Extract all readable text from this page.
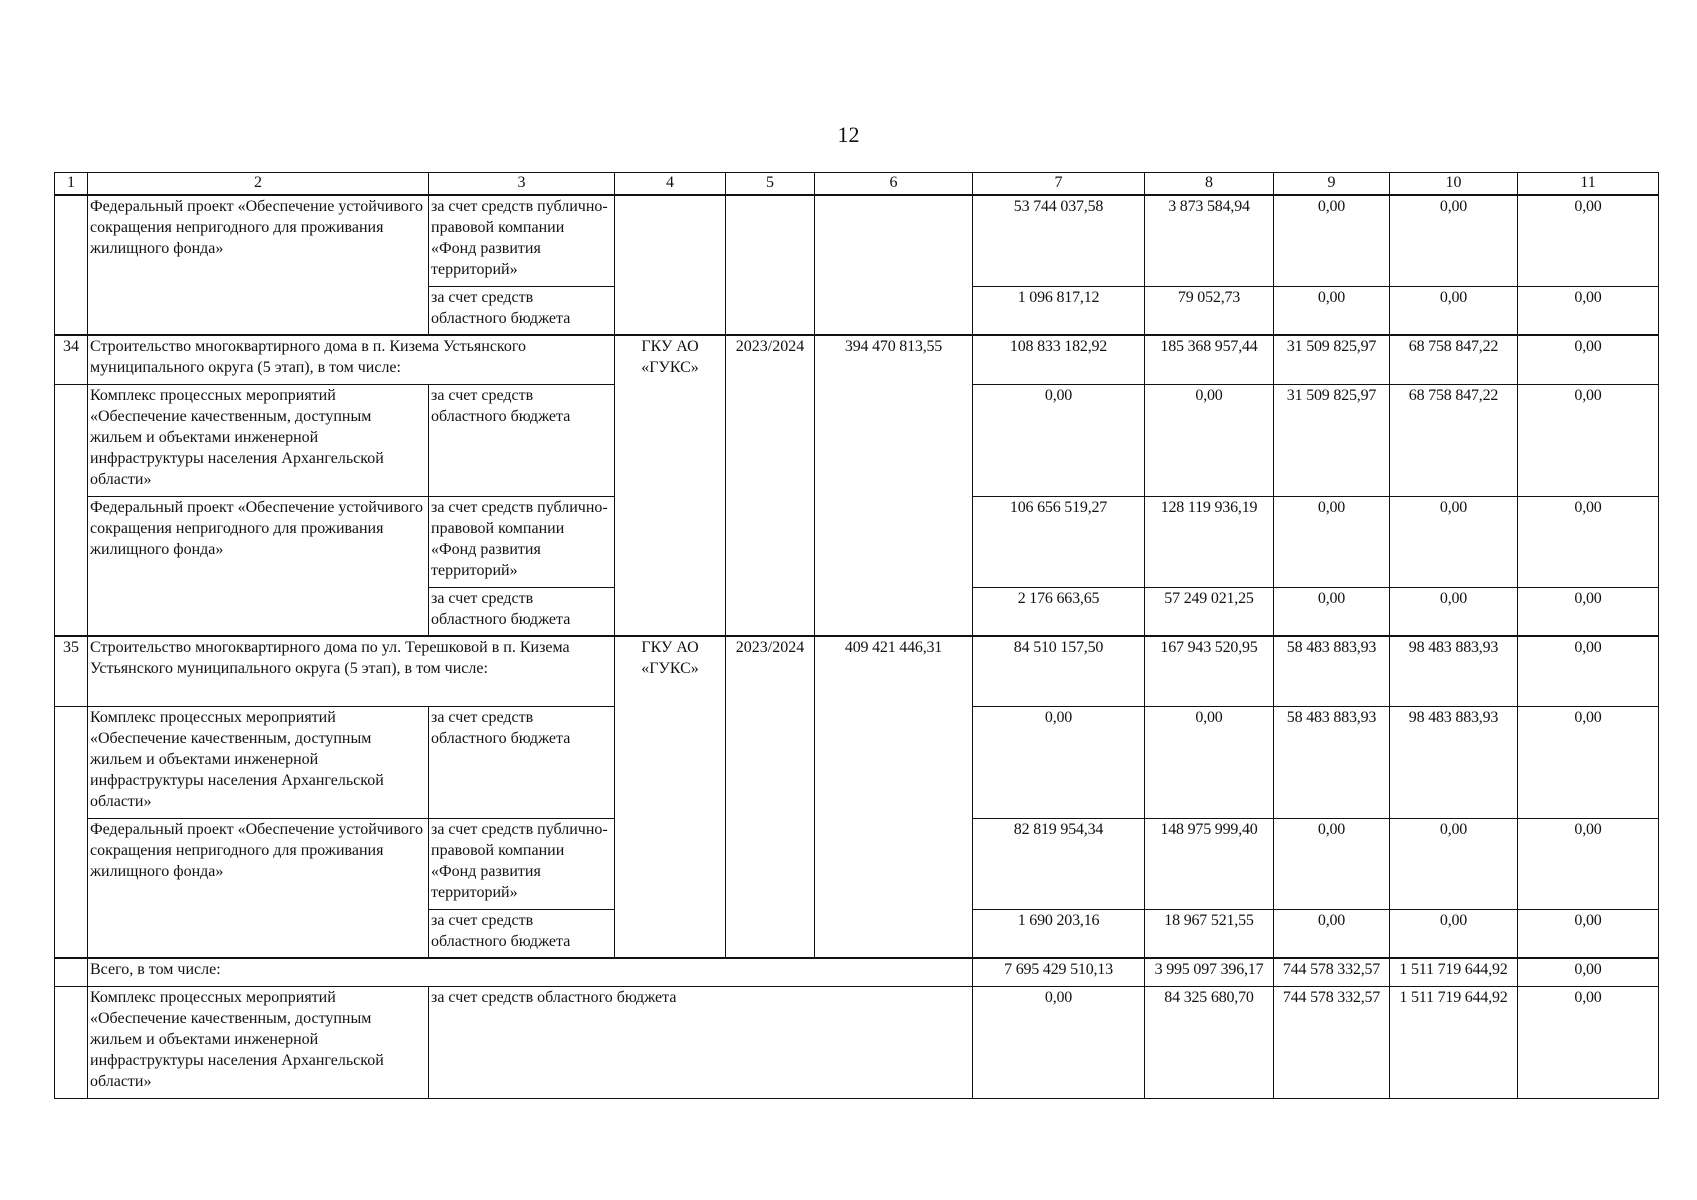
12
1	2	3	4	5	6	7	8	9	10	11
	Федеральный проект «Обеспечение устойчивого сокращения непригодного для проживания жилищного фонда»	за счет средств публично-правовой компании «Фонд развития территорий»				53 744 037,58	3 873 584,94	0,00	0,00	0,00
		за счет средств областного бюджета				1 096 817,12	79 052,73	0,00	0,00	0,00
34	Строительство многоквартирного дома в п. Кизема Устьянского муниципального округа (5 этап), в том числе:		ГКУ АО «ГУКС»	2023/2024	394 470 813,55	108 833 182,92	185 368 957,44	31 509 825,97	68 758 847,22	0,00
	Комплекс процессных мероприятий «Обеспечение качественным, доступным жильем и объектами инженерной инфраструктуры населения Архангельской области»	за счет средств областного бюджета				0,00	0,00	31 509 825,97	68 758 847,22	0,00
	Федеральный проект «Обеспечение устойчивого сокращения непригодного для проживания жилищного фонда»	за счет средств публично-правовой компании «Фонд развития территорий»				106 656 519,27	128 119 936,19	0,00	0,00	0,00
		за счет средств областного бюджета				2 176 663,65	57 249 021,25	0,00	0,00	0,00
35	Строительство многоквартирного дома по ул. Терешковой в п. Кизема Устьянского муниципального округа (5 этап), в том числе:		ГКУ АО «ГУКС»	2023/2024	409 421 446,31	84 510 157,50	167 943 520,95	58 483 883,93	98 483 883,93	0,00
	Комплекс процессных мероприятий «Обеспечение качественным, доступным жильем и объектами инженерной инфраструктуры населения Архангельской области»	за счет средств областного бюджета				0,00	0,00	58 483 883,93	98 483 883,93	0,00
	Федеральный проект «Обеспечение устойчивого сокращения непригодного для проживания жилищного фонда»	за счет средств публично-правовой компании «Фонд развития территорий»				82 819 954,34	148 975 999,40	0,00	0,00	0,00
		за счет средств областного бюджета				1 690 203,16	18 967 521,55	0,00	0,00	0,00
	Всего, в том числе:					7 695 429 510,13	3 995 097 396,17	744 578 332,57	1 511 719 644,92	0,00
	Комплекс процессных мероприятий «Обеспечение качественным, доступным жильем и объектами инженерной инфраструктуры населения Архангельской области»	за счет средств областного бюджета				0,00	84 325 680,70	744 578 332,57	1 511 719 644,92	0,00
